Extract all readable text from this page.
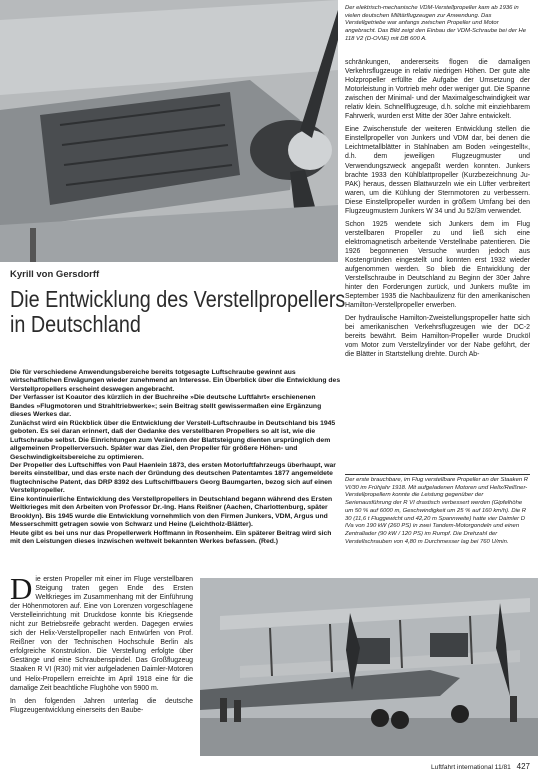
Der elektrisch-mechanische VDM-Verstellpropeller kam ab 1936 in vielen deutschen Militärflugzeugen zur Anwendung. Das Verstellgetriebe war anfangs zwischen Propeller und Motor angebracht. Das Bild zeigt den Einbau der VDM-Schraube bei der He 118 V2 (D-OVIE) mit DB 600 A.
Kyrill von Gersdorff
Die Entwicklung des Verstellpropellers
in Deutschland

Die für verschiedene Anwendungsbereiche bereits totgesagte Luftschraube gewinnt aus wirtschaftlichen Erwägungen wieder zunehmend an Interesse. Ein Überblick über die Entwicklung des Verstellpropellers erscheint deswegen angebracht.

Der Verfasser ist Koautor des kürzlich in der Buchreihe »Die deutsche Luftfahrt« erschienenen Bandes »Flugmotoren und Strahltriebwerke«; sein Beitrag stellt gewissermaßen eine Ergänzung dieses Werkes dar.

Zunächst wird ein Rückblick über die Entwicklung der Verstell-Luftschraube in Deutschland bis 1945 geboten. Es sei daran erinnert, daß der Gedanke des verstellbaren Propellers so alt ist, wie die Luftschraube selbst. Die Einrichtungen zum Verändern der Blattsteigung dienten ursprünglich dem allgemeinen Propellerversuch. Später war das Ziel, den Propeller für größere Höhen- und Geschwindigkeitsbereiche zu optimieren.

Der Propeller des Luftschiffes von Paul Haenlein 1873, des ersten Motorluftfahrzeugs überhaupt, war bereits einstellbar, und das erste nach der Gründung des deutschen Patentamtes 1877 angemeldete flugtechnische Patent, das DRP 8392 des Luftschiffbauers Georg Baumgarten, bezog sich auf einen Verstellpropeller.

Eine kontinuierliche Entwicklung des Verstellpropellers in Deutschland begann während des Ersten Weltkrieges mit den Arbeiten von Professor Dr.-Ing. Hans Reißner (Aachen, Charlottenburg, später Brooklyn). Bis 1945 wurde die Entwicklung vornehmlich von den Firmen Junkers, VDM, Argus und Messerschmitt getragen sowie von Schwarz und Heine (Leichtholz-Blätter).

Heute gibt es bei uns nur das Propellerwerk Hoffmann in Rosenheim. Ein späterer Beitrag wird sich mit den Leistungen dieses inzwischen weltweit bekannten Werkes befassen. (Red.)

schränkungen, andererseits flogen die damaligen Verkehrsflugzeuge in relativ niedrigen Höhen. Der gute alte Holzpropeller erfüllte die Aufgabe der Umsetzung der Motorleistung in Vortrieb mehr oder weniger gut. Die Spanne zwischen der Minimal- und der Maximalgeschwindigkeit war relativ klein. Schnellflugzeuge, d.h. solche mit einziehbarem Fahrwerk, wurden erst Mitte der 30er Jahre entwickelt.

Eine Zwischenstufe der weiteren Entwicklung stellen die Einstellpropeller von Junkers und VDM dar, bei denen die Leichtmetallblätter in Stahlnaben am Boden »eingestellt«, d.h. dem jeweiligen Flugzeugmuster und Verwendungszweck angepaßt werden konnten. Junkers brachte 1933 den Kühlblattpropeller (Kurzbezeichnung Ju-PAK) heraus, dessen Blattwurzeln wie ein Lüfter verbreitert waren, um die Kühlung der Sternmotoren zu verbessern. Diese Einstellpropeller wurden in größem Umfang bei den Flugzeugmustern Junkers W 34 und Ju 52/3m verwendet.

Schon 1925 wendete sich Junkers dem im Flug verstellbaren Propeller zu und ließ sich eine elektromagnetisch arbeitende Verstellnabe patentieren. Die 1926 begonnenen Versuche wurden jedoch aus Kostengründen eingestellt und konnten erst 1932 wieder aufgenommen werden. So blieb die Entwicklung der Verstellschraube in Deutschland zu Beginn der 30er Jahre hinter den Forderungen zurück, und Junkers mußte im September 1935 die Nachbaulizenz für den amerikanischen Hamilton-Verstellpropeller erwerben.

Der hydraulische Hamilton-Zweistellungspropeller hatte sich bei amerikanischen Verkehrsflugzeugen wie der DC-2 bereits bewährt. Beim Hamilton-Propeller wurde Drucköl vom Motor zum Verstellzylinder vor der Nabe geführt, der die Blätter in Startstellung drehte. Durch Ab-

Der erste brauchbare, im Flug verstellbare Propeller an der Staaken R VI/30 im Frühjahr 1918. Mit aufgeladenen Motoren und Helix/Reißner-Verstellpropellern konnte die Leistung gegenüber der Serienausführung der R VI drastisch verbessert werden (Gipfelhöhe um 50 % auf 6000 m, Geschwindigkeit um 25 % auf 160 km/h). Die R 30 (11,6 t Fluggewicht und 42,20 m Spannweite) hatte vier Daimler D IVa von 190 kW (260 PS) in zwei Tandem-Motorgondeln und einen Zentrallader (90 kW / 120 PS) im Rumpf. Die Drehzahl der Verstellschrauben von 4,80 m Durchmesser lag bei 760 U/min.

Die ersten Propeller mit einer im Fluge verstellbaren Steigung traten gegen Ende des Ersten Weltkrieges im Zusammenhang mit der Einführung der Höhenmotoren auf. Eine von Lorenzen vorgeschlagene Verstelleinrichtung mit Druckdose konnte bis Kriegsende nicht zur Betriebsreife gebracht werden. Dagegen erwies sich der Helix-Verstellpropeller nach Entwürfen von Prof. Reißner von der Technischen Hochschule Berlin als erfolgreiche Konstruktion. Die Verstellung erfolgte über Gestänge und eine Schraubenspindel. Das Großflugzeug Staaken R VI (R30) mit vier aufgeladenen Daimler-Motoren und Helix-Propellern erreichte im April 1918 eine für die damalige Zeit beachtliche Flughöhe von 5900 m.

In den folgenden Jahren unterlag die deutsche Flugzeugentwicklung einerseits den Baube-

Luftfahrt international 11/81 427
